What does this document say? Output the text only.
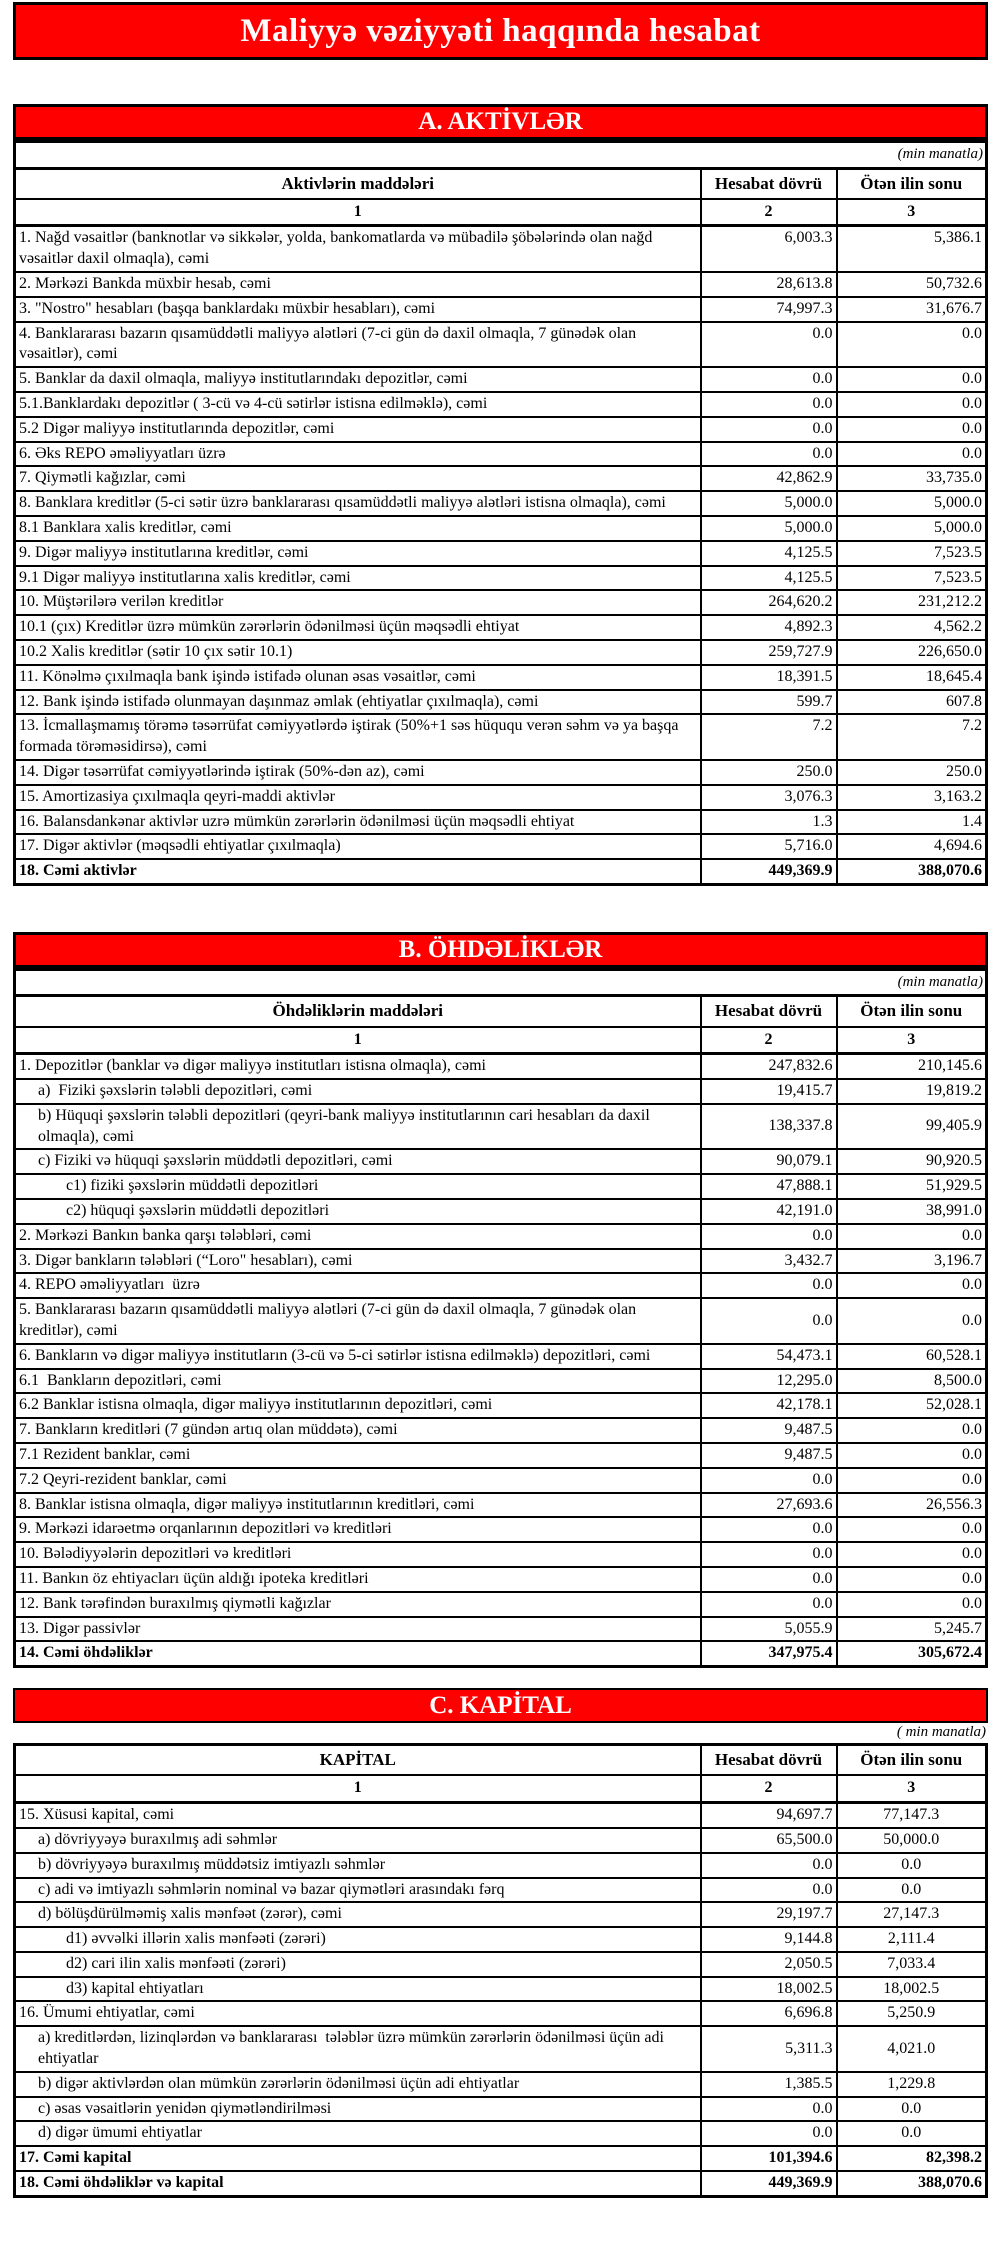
Maliyyə vəziyyəti haqqında hesabat
A. AKTİVLƏR
(min manatla)		
Aktivlərin maddələri	Hesabat dövrü	Ötən ilin sonu
1	2	3
1. Nağd vəsaitlər (banknotlar və sikkələr, yolda, bankomatlarda və mübadilə şöbələrində olan nağd vəsaitlər daxil olmaqla), cəmi	6,003.3	5,386.1
2. Mərkəzi Bankda müxbir hesab, cəmi	28,613.8	50,732.6
3. "Nostro" hesabları (başqa banklardakı müxbir hesabları), cəmi	74,997.3	31,676.7
4. Banklararası bazarın qısamüddətli maliyyə alətləri (7-ci gün də daxil olmaqla, 7 günədək olan vəsaitlər), cəmi	0.0	0.0
5. Banklar da daxil olmaqla, maliyyə institutlarındakı depozitlər, cəmi	0.0	0.0
5.1.Banklardakı depozitlər ( 3-cü və 4-cü sətirlər istisna edilməklə), cəmi	0.0	0.0
5.2 Digər maliyyə institutlarında depozitlər, cəmi	0.0	0.0
6. Əks REPO əməliyyatları üzrə	0.0	0.0
7. Qiymətli kağızlar, cəmi	42,862.9	33,735.0
8. Banklara kreditlər (5-ci sətir üzrə banklararası qısamüddətli maliyyə alətləri istisna olmaqla), cəmi	5,000.0	5,000.0
8.1 Banklara xalis kreditlər, cəmi	5,000.0	5,000.0
9. Digər maliyyə institutlarına kreditlər, cəmi	4,125.5	7,523.5
9.1 Digər maliyyə institutlarına xalis kreditlər, cəmi	4,125.5	7,523.5
10. Müştərilərə verilən kreditlər	264,620.2	231,212.2
10.1 (çıx) Kreditlər üzrə mümkün zərərlərin ödənilməsi üçün məqsədli ehtiyat	4,892.3	4,562.2
10.2 Xalis kreditlər (sətir 10 çıx sətir 10.1)	259,727.9	226,650.0
11. Könəlmə çıxılmaqla bank işində istifadə olunan əsas vəsaitlər, cəmi	18,391.5	18,645.4
12. Bank işində istifadə olunmayan daşınmaz əmlak (ehtiyatlar çıxılmaqla), cəmi	599.7	607.8
13. İcmallaşmamış törəmə təsərrüfat cəmiyyətlərdə iştirak (50%+1 səs hüququ verən səhm və ya başqa formada törəməsidirsə), cəmi	7.2	7.2
14. Digər təsərrüfat cəmiyyətlərində iştirak (50%-dən az), cəmi	250.0	250.0
15. Amortizasiya çıxılmaqla qeyri-maddi aktivlər	3,076.3	3,163.2
16. Balansdankənar aktivlər uzrə mümkün zərərlərin ödənilməsi üçün məqsədli ehtiyat	1.3	1.4
17. Digər aktivlər (məqsədli ehtiyatlar çıxılmaqla)	5,716.0	4,694.6
18. Cəmi aktivlər	449,369.9	388,070.6
B. ÖHDƏLİKLƏR
(min manatla)		
Öhdəliklərin maddələri	Hesabat dövrü	Ötən ilin sonu
1	2	3
1. Depozitlər (banklar və digər maliyyə institutları istisna olmaqla), cəmi	247,832.6	210,145.6
a)  Fiziki şəxslərin tələbli depozitləri, cəmi	19,415.7	19,819.2
b) Hüquqi şəxslərin tələbli depozitləri (qeyri-bank maliyyə institutlarının cari hesabları da daxil olmaqla), cəmi	138,337.8	99,405.9
c) Fiziki və hüquqi şəxslərin müddətli depozitləri, cəmi	90,079.1	90,920.5
c1) fiziki şəxslərin müddətli depozitləri	47,888.1	51,929.5
c2) hüquqi şəxslərin müddətli depozitləri	42,191.0	38,991.0
2. Mərkəzi Bankın banka qarşı tələbləri, cəmi	0.0	0.0
3. Digər bankların tələbləri (“Loro" hesabları), cəmi	3,432.7	3,196.7
4. REPO əməliyyatları  üzrə	0.0	0.0
5. Banklararası bazarın qısamüddətli maliyyə alətləri (7-ci gün də daxil olmaqla, 7 günədək olan kreditlər), cəmi	0.0	0.0
6. Bankların və digər maliyyə institutların (3-cü və 5-ci sətirlər istisna edilməklə) depozitləri, cəmi	54,473.1	60,528.1
6.1  Bankların depozitləri, cəmi	12,295.0	8,500.0
6.2 Banklar istisna olmaqla, digər maliyyə institutlarının depozitləri, cəmi	42,178.1	52,028.1
7. Bankların kreditləri (7 gündən artıq olan müddətə), cəmi	9,487.5	0.0
7.1 Rezident banklar, cəmi	9,487.5	0.0
7.2 Qeyri-rezident banklar, cəmi	0.0	0.0
8. Banklar istisna olmaqla, digər maliyyə institutlarının kreditləri, cəmi	27,693.6	26,556.3
9. Mərkəzi idarəetmə orqanlarının depozitləri və kreditləri	0.0	0.0
10. Bələdiyyələrin depozitləri və kreditləri	0.0	0.0
11. Bankın öz ehtiyacları üçün aldığı ipoteka kreditləri	0.0	0.0
12. Bank tərəfindən buraxılmış qiymətli kağızlar	0.0	0.0
13. Digər passivlər	5,055.9	5,245.7
14. Cəmi öhdəliklər	347,975.4	305,672.4
C. KAPİTAL
( min manatla)
KAPİTAL	Hesabat dövrü	Ötən ilin sonu
1	2	3
15. Xüsusi kapital, cəmi	94,697.7	77,147.3
a) dövriyyəyə buraxılmış adi səhmlər	65,500.0	50,000.0
b) dövriyyəyə buraxılmış müddətsiz imtiyazlı səhmlər	0.0	0.0
c) adi və imtiyazlı səhmlərin nominal və bazar qiymətləri arasındakı fərq	0.0	0.0
d) bölüşdürülməmiş xalis mənfəət (zərər), cəmi	29,197.7	27,147.3
d1) əvvəlki illərin xalis mənfəəti (zərəri)	9,144.8	2,111.4
d2) cari ilin xalis mənfəəti (zərəri)	2,050.5	7,033.4
d3) kapital ehtiyatları	18,002.5	18,002.5
16. Ümumi ehtiyatlar, cəmi	6,696.8	5,250.9
a) kreditlərdən, lizinqlərdən və banklararası  tələblər üzrə mümkün zərərlərin ödənilməsi üçün adi ehtiyatlar	5,311.3	4,021.0
b) digər aktivlərdən olan mümkün zərərlərin ödənilməsi üçün adi ehtiyatlar	1,385.5	1,229.8
c) əsas vəsaitlərin yenidən qiymətləndirilməsi	0.0	0.0
d) digər ümumi ehtiyatlar	0.0	0.0
17. Cəmi kapital	101,394.6	82,398.2
18. Cəmi öhdəliklər və kapital	449,369.9	388,070.6
